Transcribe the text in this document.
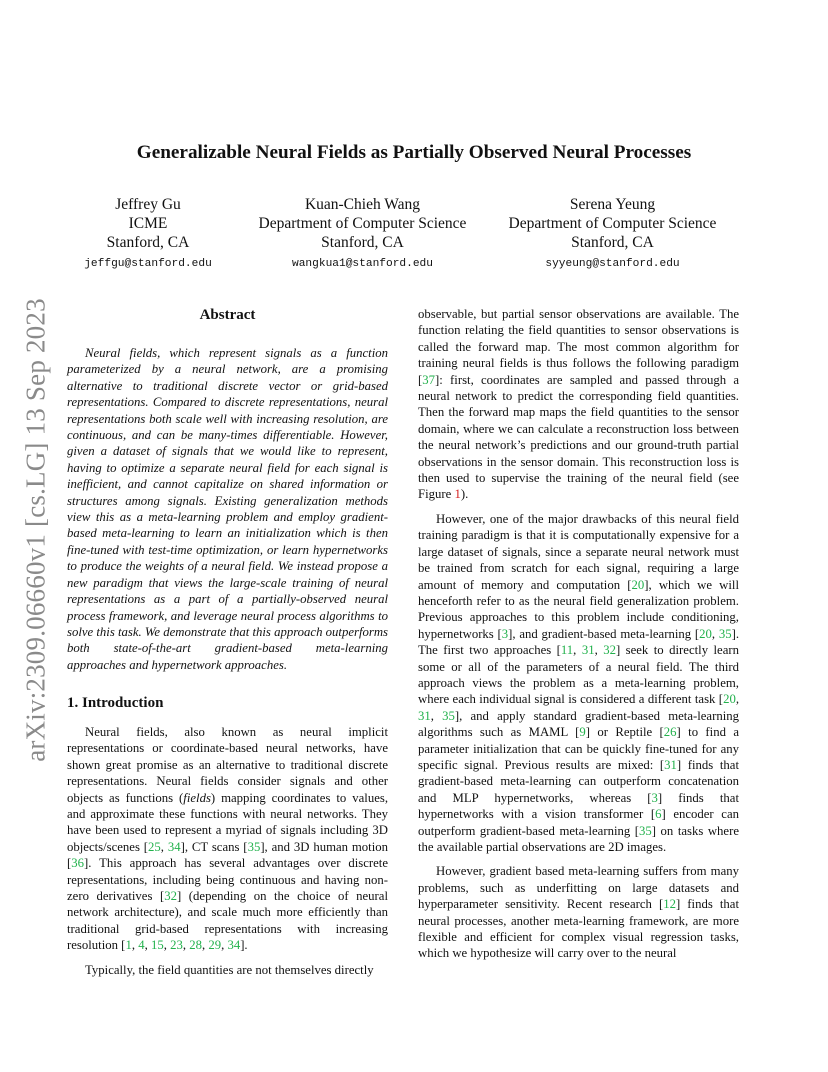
arXiv:2309.06660v1 [cs.LG] 13 Sep 2023
Generalizable Neural Fields as Partially Observed Neural Processes
Jeffrey Gu
ICME
Stanford, CA
jeffgu@stanford.edu
Kuan-Chieh Wang
Department of Computer Science
Stanford, CA
wangkua1@stanford.edu
Serena Yeung
Department of Computer Science
Stanford, CA
syyeung@stanford.edu
Abstract

Neural fields, which represent signals as a function parameterized by a neural network, are a promising alternative to traditional discrete vector or grid-based representations. Compared to discrete representations, neural representations both scale well with increasing resolution, are continuous, and can be many-times differentiable. However, given a dataset of signals that we would like to represent, having to optimize a separate neural field for each signal is inefficient, and cannot capitalize on shared information or structures among signals. Existing generalization methods view this as a meta-learning problem and employ gradient-based meta-learning to learn an initialization which is then fine-tuned with test-time optimization, or learn hypernetworks to produce the weights of a neural field. We instead propose a new paradigm that views the large-scale training of neural representations as a part of a partially-observed neural process framework, and leverage neural process algorithms to solve this task. We demonstrate that this approach outperforms both state-of-the-art gradient-based meta-learning approaches and hypernetwork approaches.

1. Introduction

Neural fields, also known as neural implicit representations or coordinate-based neural networks, have shown great promise as an alternative to traditional discrete representations. Neural fields consider signals and other objects as functions (fields) mapping coordinates to values, and approximate these functions with neural networks. They have been used to represent a myriad of signals including 3D objects/scenes [25, 34], CT scans [35], and 3D human motion [36]. This approach has several advantages over discrete representations, including being continuous and having non-zero derivatives [32] (depending on the choice of neural network architecture), and scale much more efficiently than traditional grid-based representations with increasing resolution [1, 4, 15, 23, 28, 29, 34].

Typically, the field quantities are not themselves directly

observable, but partial sensor observations are available. The function relating the field quantities to sensor observations is called the forward map. The most common algorithm for training neural fields is thus follows the following paradigm [37]: first, coordinates are sampled and passed through a neural network to predict the corresponding field quantities. Then the forward map maps the field quantities to the sensor domain, where we can calculate a reconstruction loss between the neural network’s predictions and our ground-truth partial observations in the sensor domain. This reconstruction loss is then used to supervise the training of the neural field (see Figure 1).

However, one of the major drawbacks of this neural field training paradigm is that it is computationally expensive for a large dataset of signals, since a separate neural network must be trained from scratch for each signal, requiring a large amount of memory and computation [20], which we will henceforth refer to as the neural field generalization problem. Previous approaches to this problem include conditioning, hypernetworks [3], and gradient-based meta-learning [20, 35]. The first two approaches [11, 31, 32] seek to directly learn some or all of the parameters of a neural field. The third approach views the problem as a meta-learning problem, where each individual signal is considered a different task [20, 31, 35], and apply standard gradient-based meta-learning algorithms such as MAML [9] or Reptile [26] to find a parameter initialization that can be quickly fine-tuned for any specific signal. Previous results are mixed: [31] finds that gradient-based meta-learning can outperform concatenation and MLP hypernetworks, whereas [3] finds that hypernetworks with a vision transformer [6] encoder can outperform gradient-based meta-learning [35] on tasks where the available partial observations are 2D images.

However, gradient based meta-learning suffers from many problems, such as underfitting on large datasets and hyperparameter sensitivity. Recent research [12] finds that neural processes, another meta-learning framework, are more flexible and efficient for complex visual regression tasks, which we hypothesize will carry over to the neural
